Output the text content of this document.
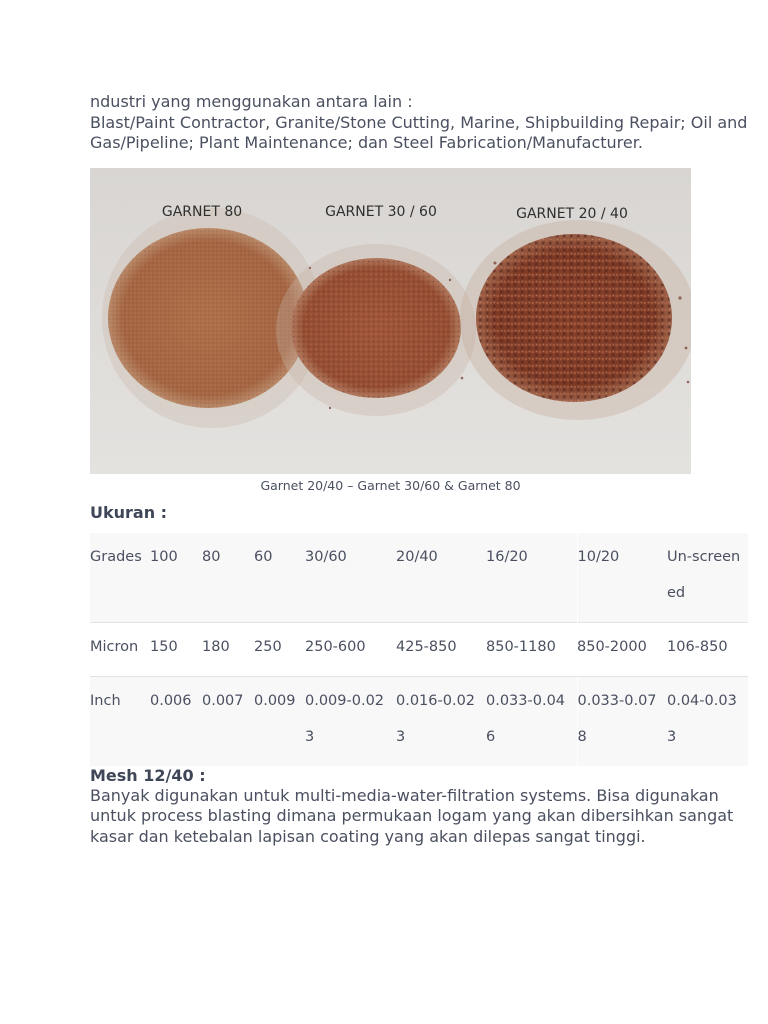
ndustri yang menggunakan antara lain :

Blast/Paint Contractor, Granite/Stone Cutting, Marine, Shipbuilding Repair; Oil and Gas/Pipeline; Plant Maintenance; dan Steel Fabrication/Manufacturer.

GARNET 80	GARNET 30 / 60	GARNET 20 / 40
Garnet 20/40 – Garnet 30/60 & Garnet 80
Ukuran :
Grades	100	80	60	30/60	20/40	16/20	10/20	Un-screened
Micron	150	180	250	250-600	425-850	850-1180	850-2000	106-850
Inch	0.006	0.007	0.009	0.009-0.023	0.016-0.023	0.033-0.046	0.033-0.078	0.04-0.033
Mesh 12/40 :

Banyak digunakan untuk multi-media-water-filtration systems. Bisa digunakan untuk process blasting dimana permukaan logam yang akan dibersihkan sangat kasar dan ketebalan lapisan coating yang akan dilepas sangat tinggi.
